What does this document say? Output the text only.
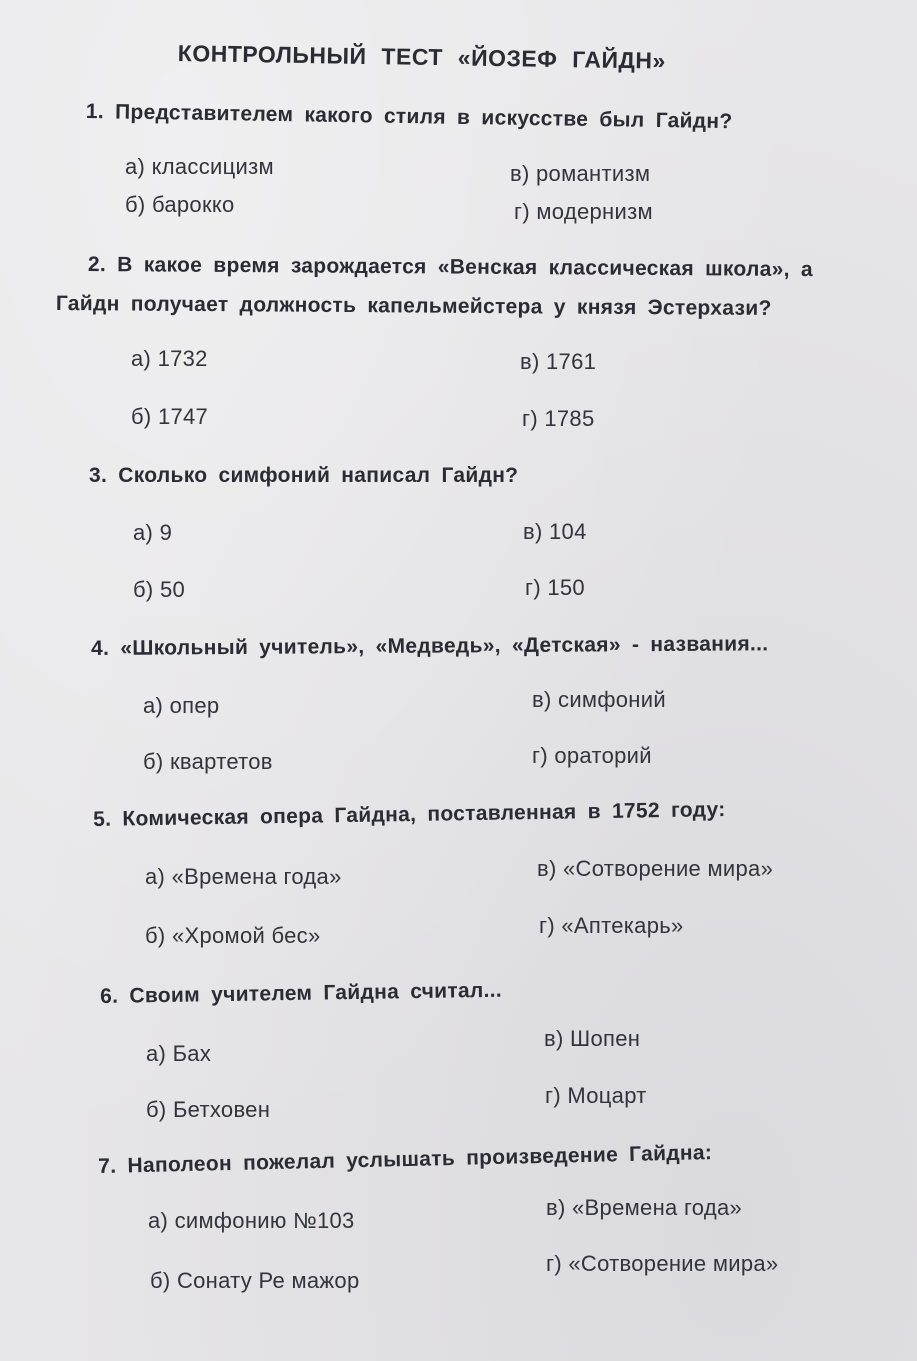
КОНТРОЛЬНЫЙ ТЕСТ «ЙОЗЕФ ГАЙДН»
1. Представителем какого стиля в искусстве был Гайдн?
а) классицизм
б) барокко
в) романтизм
г) модернизм
2. В какое время зарождается «Венская классическая школа», а
Гайдн получает должность капельмейстера у князя Эстерхази?
а) 1732
б) 1747
в) 1761
г) 1785
3. Сколько симфоний написал Гайдн?
а) 9
б) 50
в) 104
г) 150
4. «Школьный учитель», «Медведь», «Детская» - названия...
а) опер
б) квартетов
в) симфоний
г) ораторий
5. Комическая опера Гайдна, поставленная в 1752 году:
а) «Времена года»
б) «Хромой бес»
в) «Сотворение мира»
г) «Аптекарь»
6. Своим учителем Гайдна считал...
а) Бах
б) Бетховен
в) Шопен
г) Моцарт
7. Наполеон пожелал услышать произведение Гайдна:
а) симфонию №103
б) Сонату Ре мажор
в) «Времена года»
г) «Сотворение мира»
